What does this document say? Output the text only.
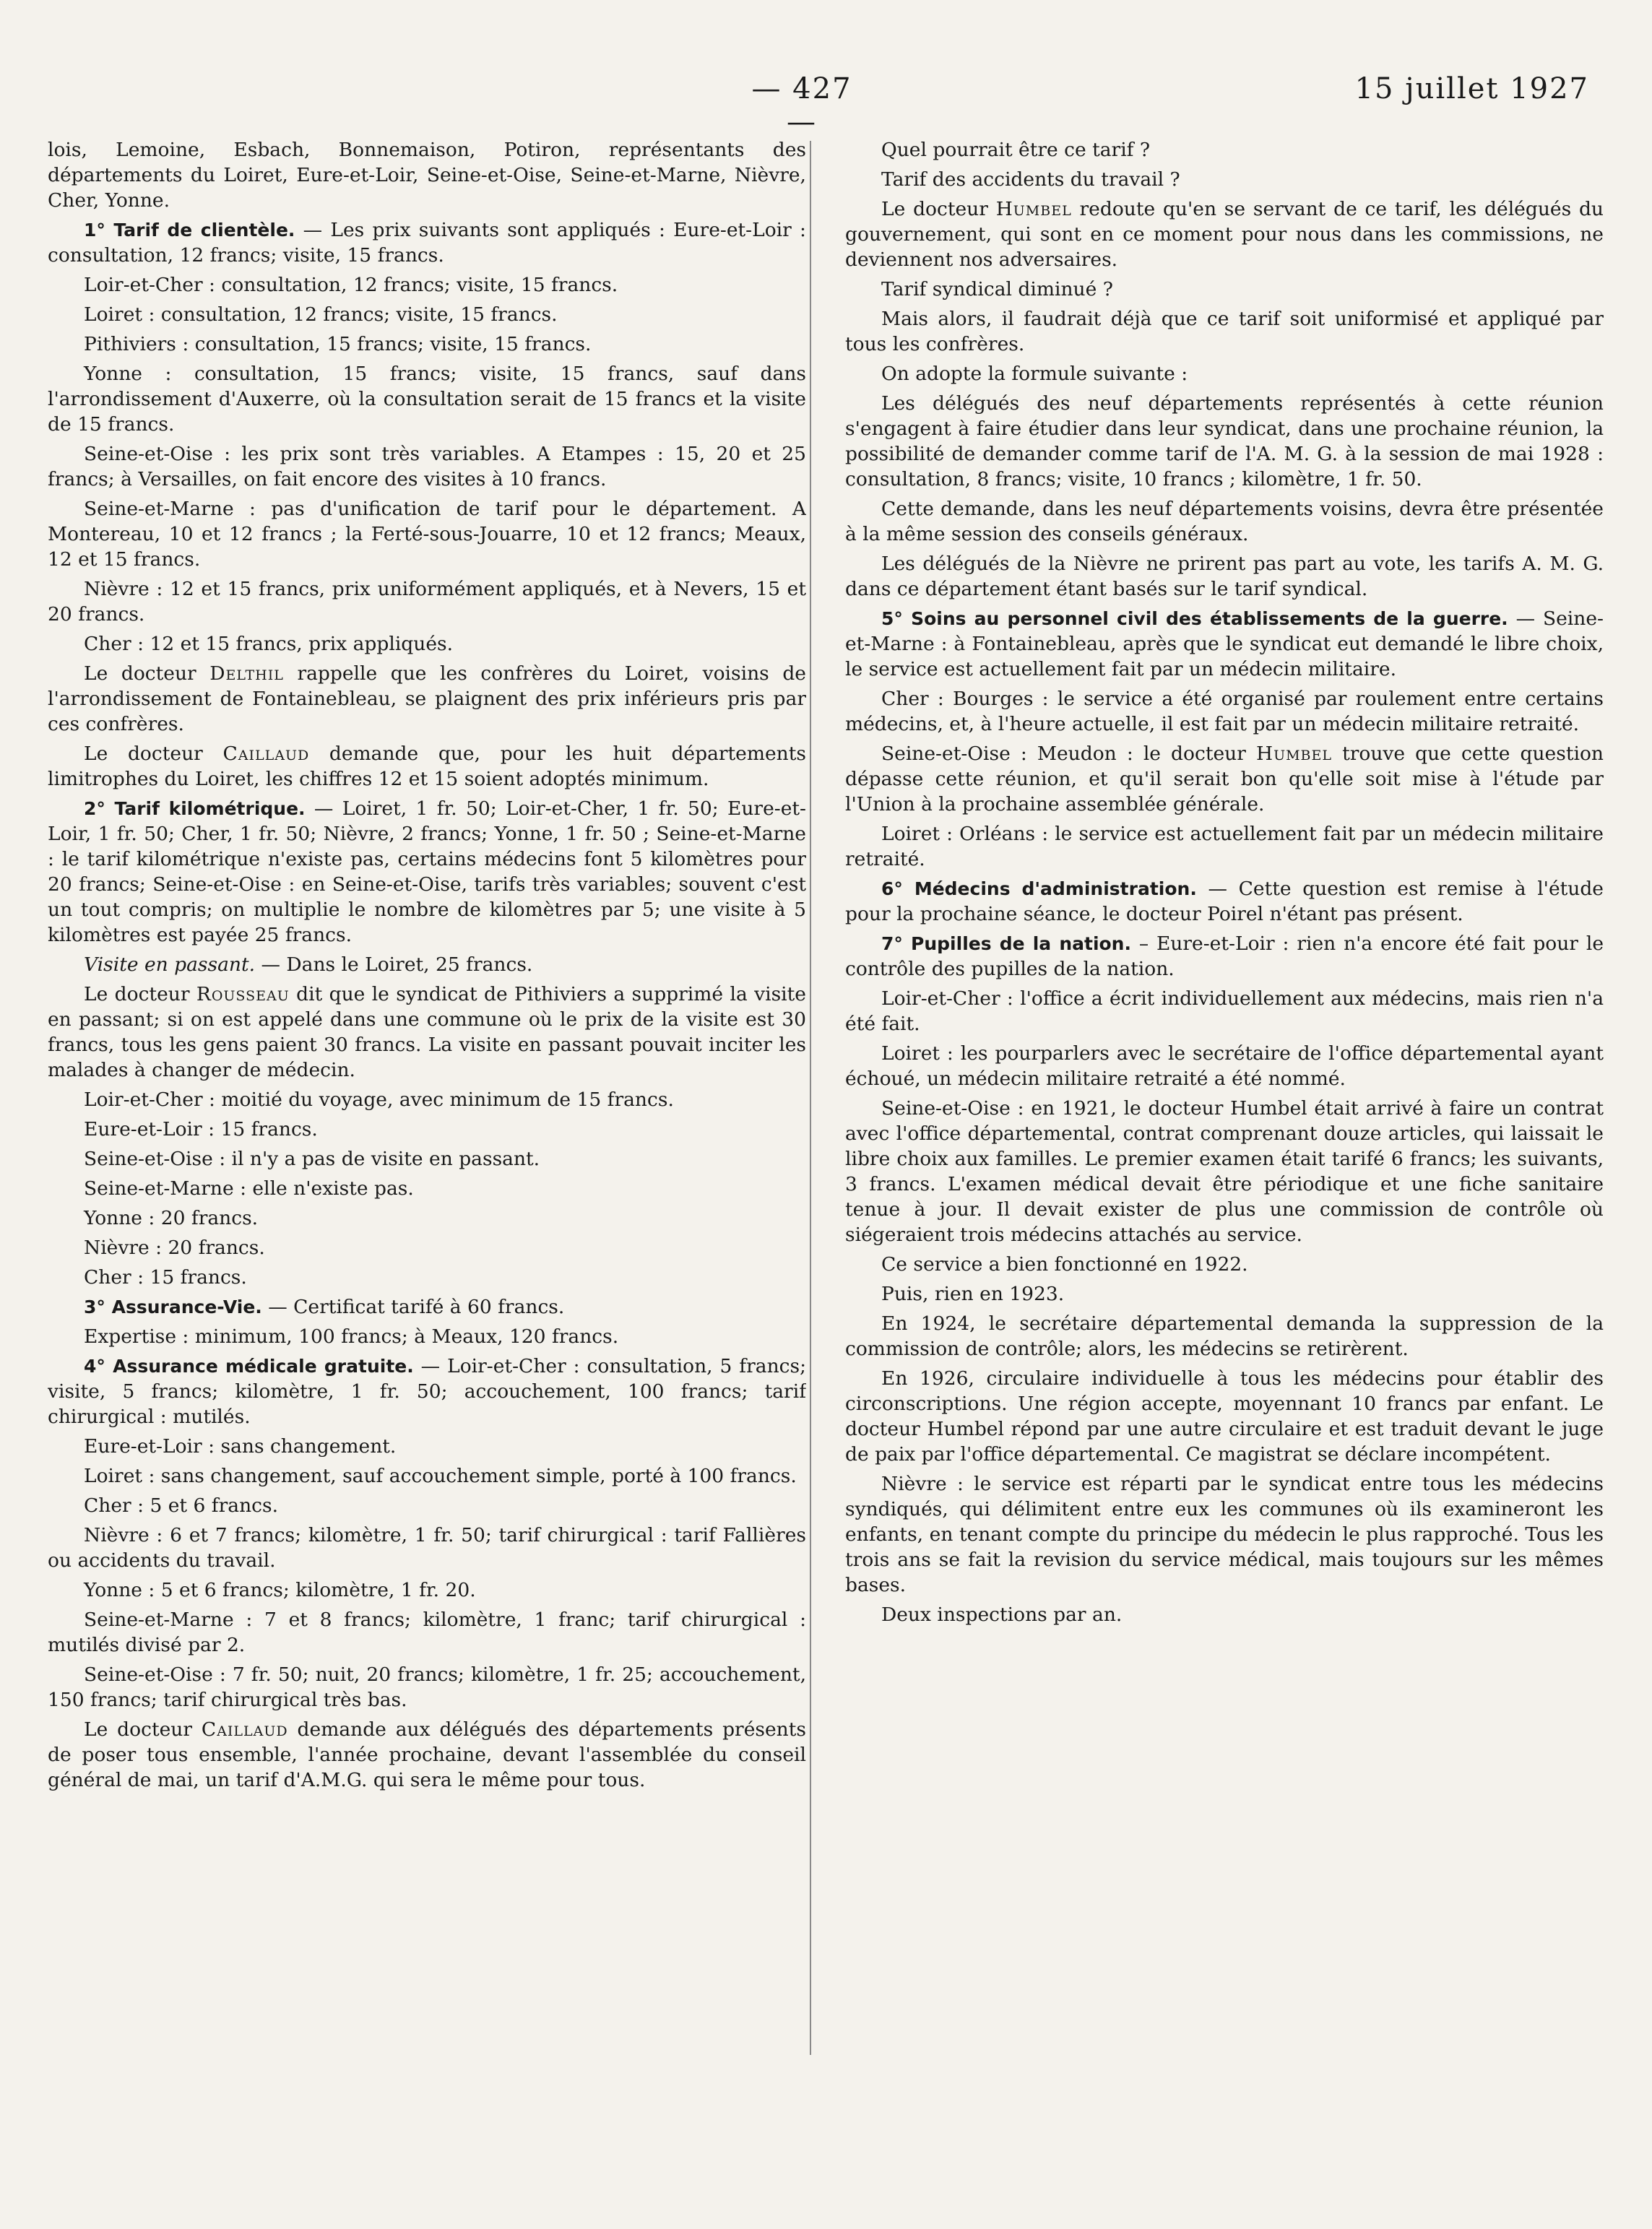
— 427 —
15 juillet 1927

lois, Lemoine, Esbach, Bonnemaison, Potiron, représentants des départements du Loiret, Eure-et-Loir, Seine-et-Oise, Seine-et-Marne, Nièvre, Cher, Yonne.

1° Tarif de clientèle. — Les prix suivants sont appliqués : Eure-et-Loir : consultation, 12 francs; visite, 15 francs.

Loir-et-Cher : consultation, 12 francs; visite, 15 francs.

Loiret : consultation, 12 francs; visite, 15 francs.

Pithiviers : consultation, 15 francs; visite, 15 francs.

Yonne : consultation, 15 francs; visite, 15 francs, sauf dans l'arrondissement d'Auxerre, où la consultation serait de 15 francs et la visite de 15 francs.

Seine-et-Oise : les prix sont très variables. A Etampes : 15, 20 et 25 francs; à Versailles, on fait encore des visites à 10 francs.

Seine-et-Marne : pas d'unification de tarif pour le département. A Montereau, 10 et 12 francs ; la Ferté-sous-Jouarre, 10 et 12 francs; Meaux, 12 et 15 francs.

Nièvre : 12 et 15 francs, prix uniformément appliqués, et à Nevers, 15 et 20 francs.

Cher : 12 et 15 francs, prix appliqués.

Le docteur Delthil rappelle que les confrères du Loiret, voisins de l'arrondissement de Fontainebleau, se plaignent des prix inférieurs pris par ces confrères.

Le docteur Caillaud demande que, pour les huit départements limitrophes du Loiret, les chiffres 12 et 15 soient adoptés minimum.

2° Tarif kilométrique. — Loiret, 1 fr. 50; Loir-et-Cher, 1 fr. 50; Eure-et-Loir, 1 fr. 50; Cher, 1 fr. 50; Nièvre, 2 francs; Yonne, 1 fr. 50 ; Seine-et-Marne : le tarif kilométrique n'existe pas, certains médecins font 5 kilomètres pour 20 francs; Seine-et-Oise : en Seine-et-Oise, tarifs très variables; souvent c'est un tout compris; on multiplie le nombre de kilomètres par 5; une visite à 5 kilomètres est payée 25 francs.

Visite en passant. — Dans le Loiret, 25 francs.

Le docteur Rousseau dit que le syndicat de Pithiviers a supprimé la visite en passant; si on est appelé dans une commune où le prix de la visite est 30 francs, tous les gens paient 30 francs. La visite en passant pouvait inciter les malades à changer de médecin.

Loir-et-Cher : moitié du voyage, avec minimum de 15 francs.

Eure-et-Loir : 15 francs.

Seine-et-Oise : il n'y a pas de visite en passant.

Seine-et-Marne : elle n'existe pas.

Yonne : 20 francs.

Nièvre : 20 francs.

Cher : 15 francs.

3° Assurance-Vie. — Certificat tarifé à 60 francs.

Expertise : minimum, 100 francs; à Meaux, 120 francs.

4° Assurance médicale gratuite. — Loir-et-Cher : consultation, 5 francs; visite, 5 francs; kilomètre, 1 fr. 50; accouchement, 100 francs; tarif chirurgical : mutilés.

Eure-et-Loir : sans changement.

Loiret : sans changement, sauf accouchement simple, porté à 100 francs.

Cher : 5 et 6 francs.

Nièvre : 6 et 7 francs; kilomètre, 1 fr. 50; tarif chirurgical : tarif Fallières ou accidents du travail.

Yonne : 5 et 6 francs; kilomètre, 1 fr. 20.

Seine-et-Marne : 7 et 8 francs; kilomètre, 1 franc; tarif chirurgical : mutilés divisé par 2.

Seine-et-Oise : 7 fr. 50; nuit, 20 francs; kilomètre, 1 fr. 25; accouchement, 150 francs; tarif chirurgical très bas.

Le docteur Caillaud demande aux délégués des départements présents de poser tous ensemble, l'année prochaine, devant l'assemblée du conseil général de mai, un tarif d'A.M.G. qui sera le même pour tous.

Quel pourrait être ce tarif ?

Tarif des accidents du travail ?

Le docteur Humbel redoute qu'en se servant de ce tarif, les délégués du gouvernement, qui sont en ce moment pour nous dans les commissions, ne deviennent nos adversaires.

Tarif syndical diminué ?

Mais alors, il faudrait déjà que ce tarif soit uniformisé et appliqué par tous les confrères.

On adopte la formule suivante :

Les délégués des neuf départements représentés à cette réunion s'engagent à faire étudier dans leur syndicat, dans une prochaine réunion, la possibilité de demander comme tarif de l'A. M. G. à la session de mai 1928 : consultation, 8 francs; visite, 10 francs ; kilomètre, 1 fr. 50.

Cette demande, dans les neuf départements voisins, devra être présentée à la même session des conseils généraux.

Les délégués de la Nièvre ne prirent pas part au vote, les tarifs A. M. G. dans ce département étant basés sur le tarif syndical.

5° Soins au personnel civil des établissements de la guerre. — Seine-et-Marne : à Fontainebleau, après que le syndicat eut demandé le libre choix, le service est actuellement fait par un médecin militaire.

Cher : Bourges : le service a été organisé par roulement entre certains médecins, et, à l'heure actuelle, il est fait par un médecin militaire retraité.

Seine-et-Oise : Meudon : le docteur Humbel trouve que cette question dépasse cette réunion, et qu'il serait bon qu'elle soit mise à l'étude par l'Union à la prochaine assemblée générale.

Loiret : Orléans : le service est actuellement fait par un médecin militaire retraité.

6° Médecins d'administration. — Cette question est remise à l'étude pour la prochaine séance, le docteur Poirel n'étant pas présent.

7° Pupilles de la nation. – Eure-et-Loir : rien n'a encore été fait pour le contrôle des pupilles de la nation.

Loir-et-Cher : l'office a écrit individuellement aux médecins, mais rien n'a été fait.

Loiret : les pourparlers avec le secrétaire de l'office départemental ayant échoué, un médecin militaire retraité a été nommé.

Seine-et-Oise : en 1921, le docteur Humbel était arrivé à faire un contrat avec l'office départemental, contrat comprenant douze articles, qui laissait le libre choix aux familles. Le premier examen était tarifé 6 francs; les suivants, 3 francs. L'examen médical devait être périodique et une fiche sanitaire tenue à jour. Il devait exister de plus une commission de contrôle où siégeraient trois médecins attachés au service.

Ce service a bien fonctionné en 1922.

Puis, rien en 1923.

En 1924, le secrétaire départemental demanda la suppression de la commission de contrôle; alors, les médecins se retirèrent.

En 1926, circulaire individuelle à tous les médecins pour établir des circonscriptions. Une région accepte, moyennant 10 francs par enfant. Le docteur Humbel répond par une autre circulaire et est traduit devant le juge de paix par l'office départemental. Ce magistrat se déclare incompétent.

Nièvre : le service est réparti par le syndicat entre tous les médecins syndiqués, qui délimitent entre eux les communes où ils examineront les enfants, en tenant compte du principe du médecin le plus rapproché. Tous les trois ans se fait la revision du service médical, mais toujours sur les mêmes bases.

Deux inspections par an.
